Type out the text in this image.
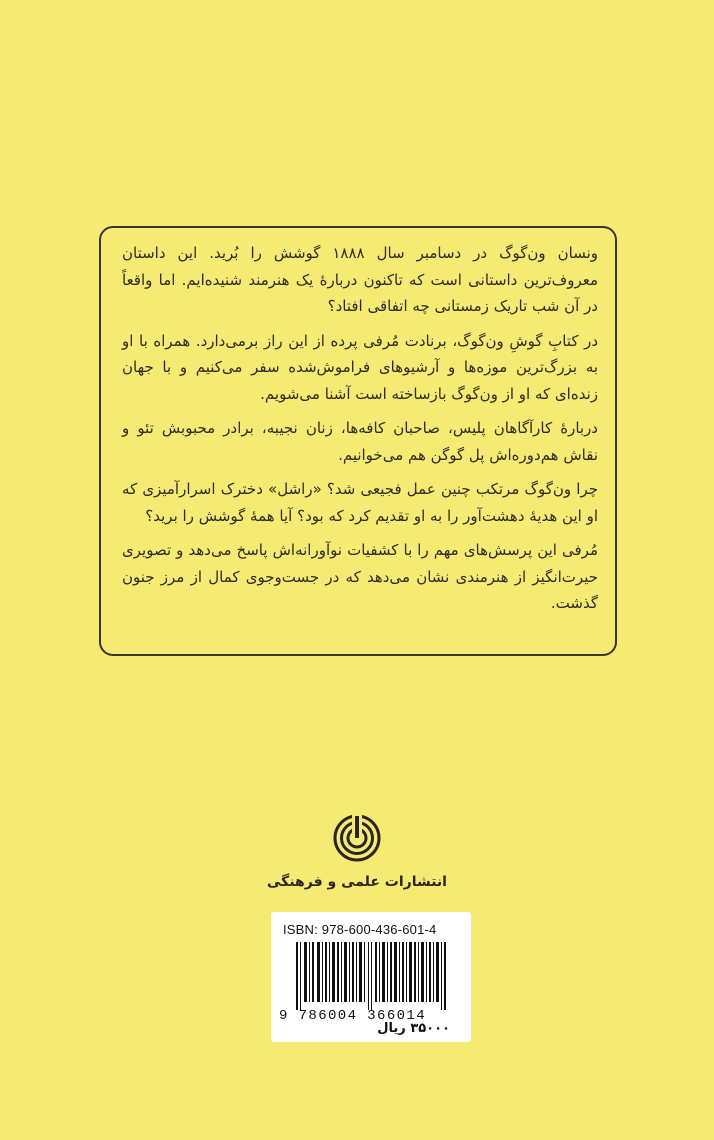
ونسان ون‌گوگ در دسامبر سال ۱۸۸۸ گوشش را بُرید. این داستان معروف‌ترین داستانی است که تاکنون دربارهٔ یک هنرمند شنیده‌ایم. اما واقعاً در آن شب تاریک زمستانی چه اتفاقی افتاد؟

در کتابِ گوشِ ون‌گوگ، برنادت مُرفی پرده از این راز برمی‌دارد. همراه با او به بزرگ‌ترین موزه‌ها و آرشیوهای فراموش‌شده سفر می‌کنیم و با جهان زنده‌ای که او از ون‌گوگ بازساخته است آشنا می‌شویم.

دربارهٔ کارآگاهان پلیس، صاحبان کافه‌ها، زنان نجیبه، برادر محبوبش تئو و نقاش هم‌دوره‌اش پل گوگن هم می‌خوانیم.

چرا ون‌گوگ مرتکب چنین عمل فجیعی شد؟ «راشل» دخترک اسرارآمیزی که او این هدیهٔ دهشت‌آور را به او تقدیم کرد که بود؟ آیا همهٔ گوشش را برید؟

مُرفی این پرسش‌های مهم را با کشفیات نوآورانه‌اش پاسخ می‌دهد و تصویری حیرت‌انگیز از هنرمندی نشان می‌دهد که در جست‌وجوی کمال از مرز جنون گذشت.

انتشارات علمی و فرهنگی
ISBN: 978-600-436-601-4
9 786004 366014
۳۵۰۰۰ ریال
